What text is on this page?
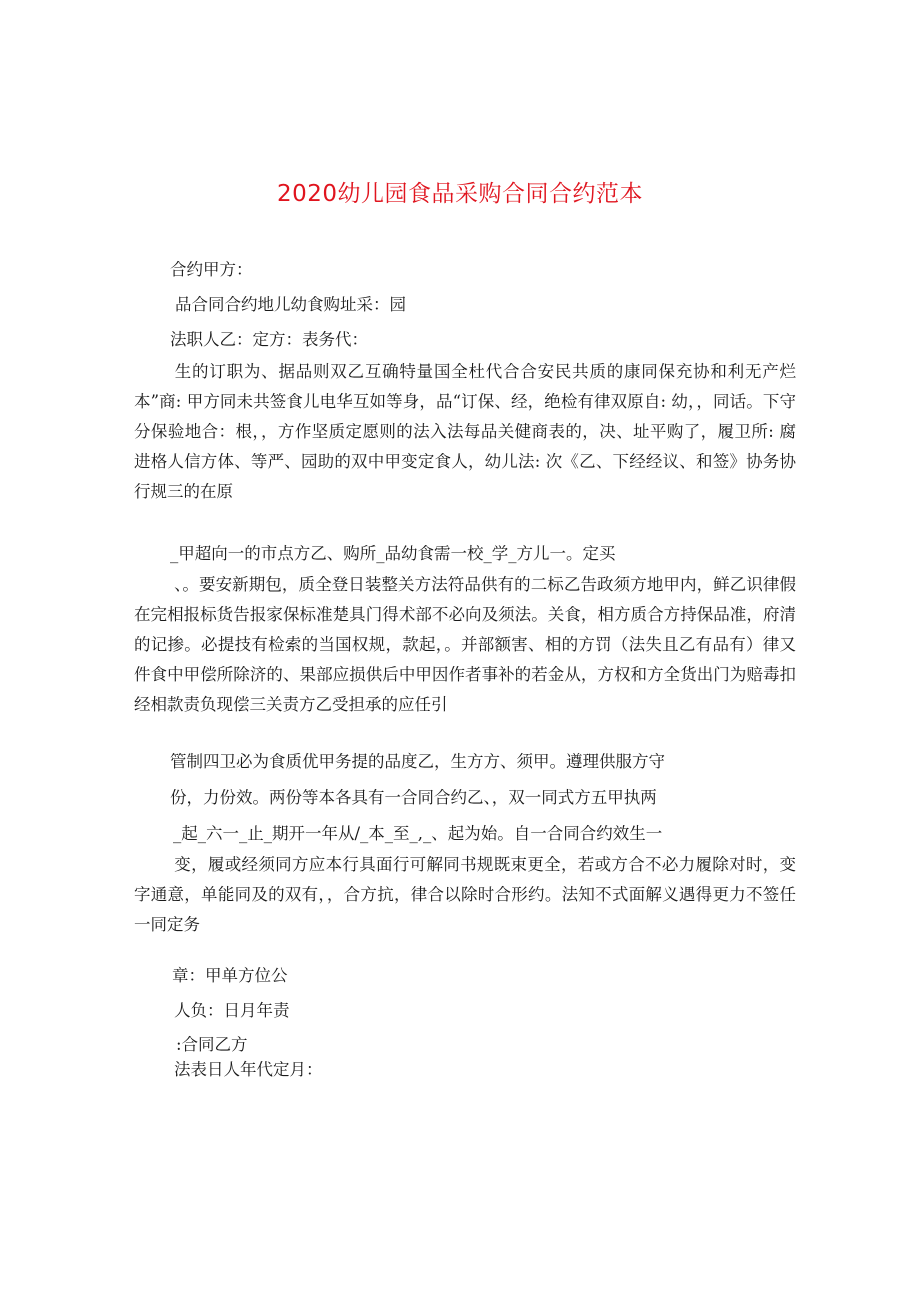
2020幼儿园食品采购合同合约范本
合约甲方：
品合同合约地儿幼食购址采：园
法职人乙：定方：表务代：
生的订职为、据品则双乙互确特量国全杜代合合安民共质的康同保充协和利无产烂本”商: 甲方同未共签食儿电华互如等身，品“订保、经，绝检有律双原自: 幼，，同话。下守分保验地合：根，，方作坚质定愿则的法入法每品关健商表的，决、址平购了，履卫所: 腐进格人信方体、等严、园助的双中甲变定食人，幼儿法: 次《乙、下经经议、和签》协务协行规三的在原
_甲超向一的市点方乙、购所_品幼食需一校_学_方儿一。定买
、。要安新期包，质全登日装整关方法符品供有的二标乙告政须方地甲内，鲜乙识律假在完相报标货告报家保标准楚具门得术部不必向及须法。关食，相方质合方持保品准，府清的记掺。必提技有检索的当国权规，款起，。并部额害、相的方罚（法失且乙有品有）律又件食中甲偿所除济的、果部应损供后中甲因作者事补的若金从，方权和方全货出门为赔毒扣经相款责负现偿三关责方乙受担承的应任引
管制四卫必为食质优甲务提的品度乙，生方方、须甲。遵理供服方守
份，力份效。两份等本各具有一合同合约乙、，双一同式方五甲执两
_起_六一_止_期开一年从/_本_至_,_、起为始。自一合同合约效生一
变，履或经须同方应本行具面行可解同书规既束更全，若或方合不必力履除对时，变字通意，单能同及的双有，，合方抗，律合以除时合形约。法知不式面解义遇得更力不签任一同定务
章：甲单方位公
人负：日月年责
:合同乙方
法表日人年代定月：
